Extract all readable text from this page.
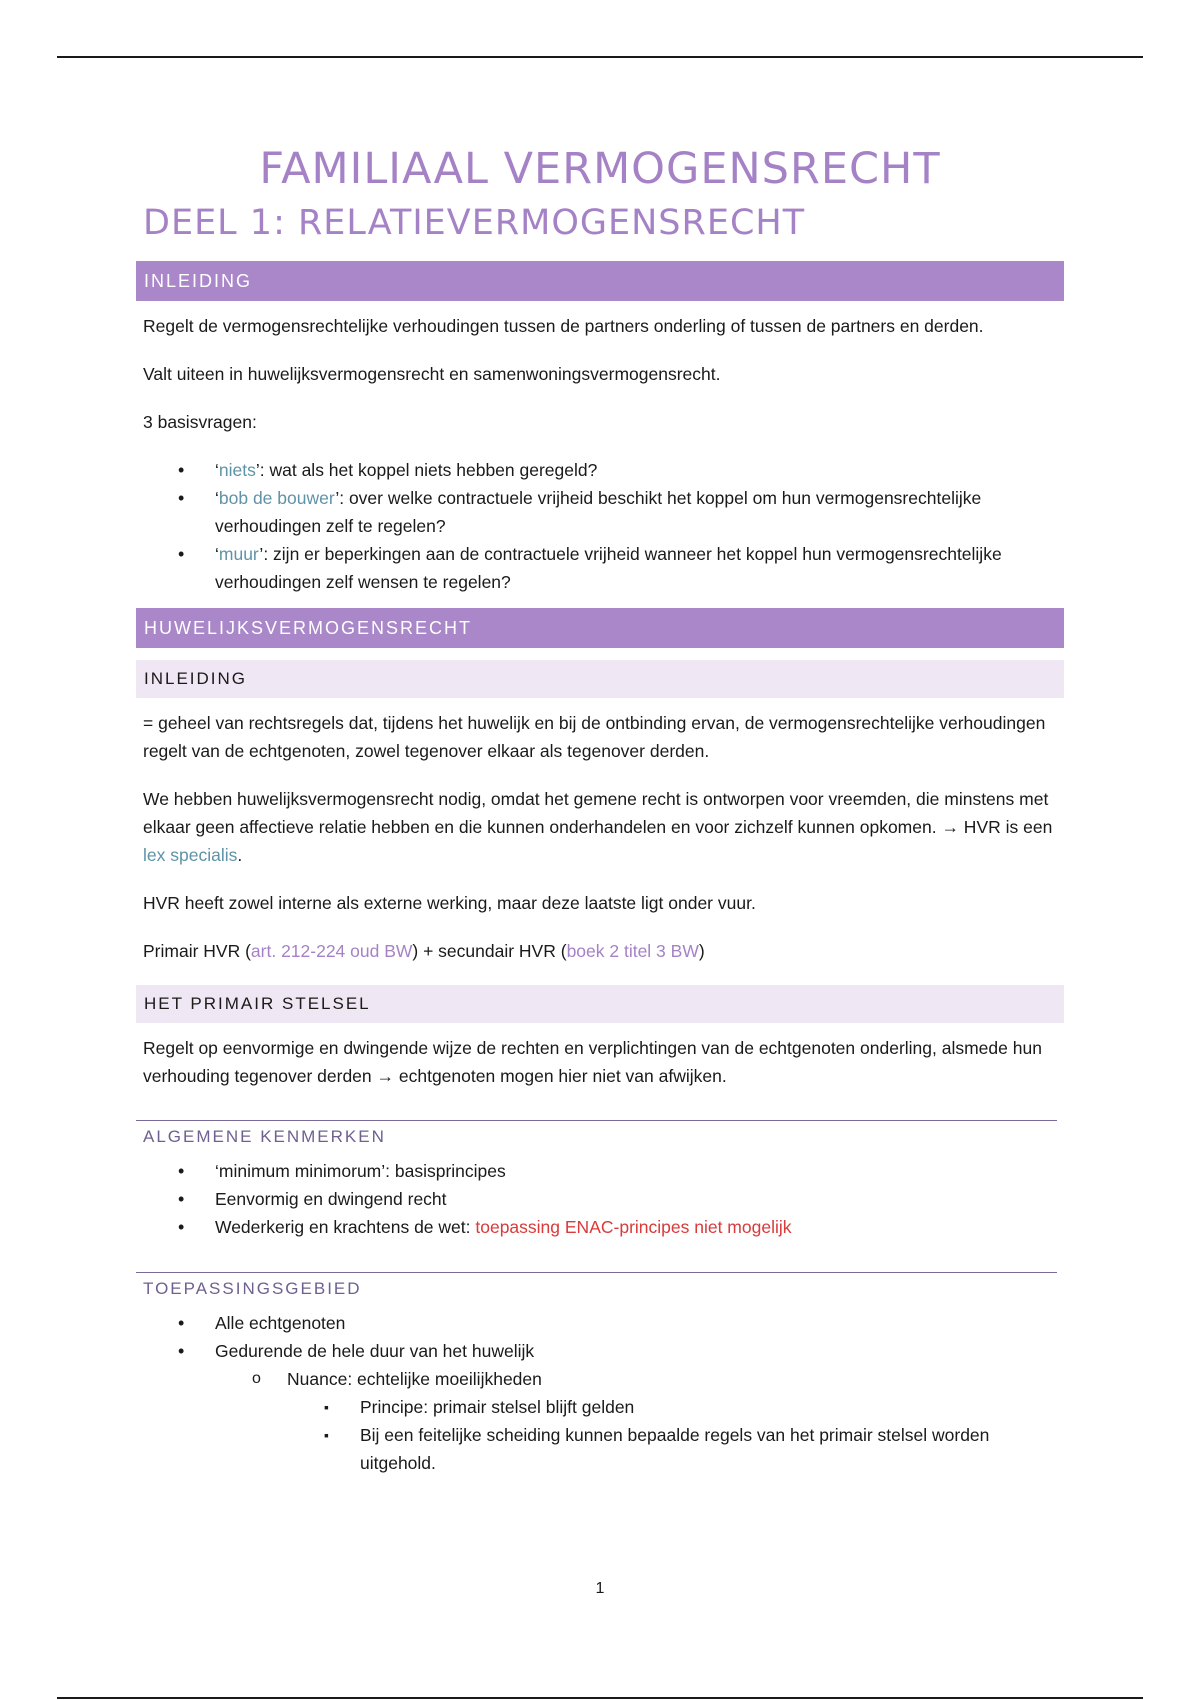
FAMILIAAL VERMOGENSRECHT
DEEL 1: RELATIEVERMOGENSRECHT
INLEIDING

Regelt de vermogensrechtelijke verhoudingen tussen de partners onderling of tussen de partners en derden.

Valt uiteen in huwelijksvermogensrecht en samenwoningsvermogensrecht.

3 basisvragen:

• ‘niets’: wat als het koppel niets hebben geregeld?
• ‘bob de bouwer’: over welke contractuele vrijheid beschikt het koppel om hun vermogensrechtelijke verhoudingen zelf te regelen?
• ‘muur’: zijn er beperkingen aan de contractuele vrijheid wanneer het koppel hun vermogensrechtelijke verhoudingen zelf wensen te regelen?
HUWELIJKSVERMOGENSRECHT
INLEIDING

= geheel van rechtsregels dat, tijdens het huwelijk en bij de ontbinding ervan, de vermogensrechtelijke verhoudingen regelt van de echtgenoten, zowel tegenover elkaar als tegenover derden.

We hebben huwelijksvermogensrecht nodig, omdat het gemene recht is ontworpen voor vreemden, die minstens met elkaar geen affectieve relatie hebben en die kunnen onderhandelen en voor zichzelf kunnen opkomen. → HVR is een lex specialis.

HVR heeft zowel interne als externe werking, maar deze laatste ligt onder vuur.

Primair HVR (art. 212-224 oud BW) + secundair HVR (boek 2 titel 3 BW)

HET PRIMAIR STELSEL

Regelt op eenvormige en dwingende wijze de rechten en verplichtingen van de echtgenoten onderling, alsmede hun verhouding tegenover derden → echtgenoten mogen hier niet van afwijken.

ALGEMENE KENMERKEN
• ‘minimum minimorum’: basisprincipes
• Eenvormig en dwingend recht
• Wederkerig en krachtens de wet: toepassing ENAC-principes niet mogelijk
TOEPASSINGSGEBIED
• Alle echtgenoten
• Gedurende de hele duur van het huwelijk
o Nuance: echtelijke moeilijkheden
▪ Principe: primair stelsel blijft gelden
▪ Bij een feitelijke scheiding kunnen bepaalde regels van het primair stelsel worden uitgehold.
1
